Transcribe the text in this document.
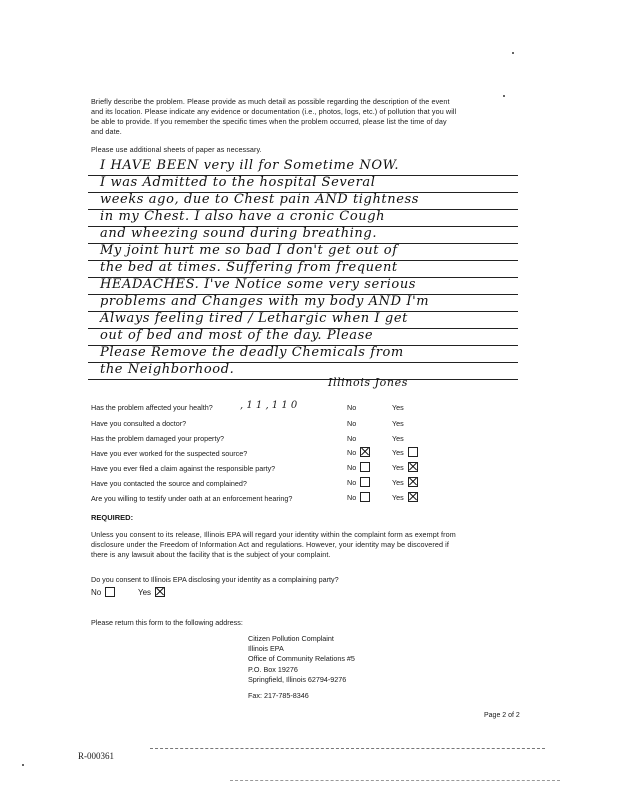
Briefly describe the problem. Please provide as much detail as possible regarding the description of the event
and its location. Please indicate any evidence or documentation (i.e., photos, logs, etc.) of pollution that you will
be able to provide. If you remember the specific times when the problem occurred, please list the time of day
and date.
Please use additional sheets of paper as necessary.
I HAVE BEEN very ill for Sometime NOW.
I was Admitted to the hospital Several
weeks ago, due to Chest pain AND tightness
in my Chest. I also have a cronic Cough
and wheezing sound during breathing.
My joint hurt me so bad I don't get out of
the bed at times. Suffering from frequent
HEADACHES. I've Notice some very serious
problems and Changes with my body AND I'm
Always feeling tired / Lethargic when I get
out of bed and most of the day. Please
Please Remove the deadly Chemicals from
the Neighborhood.
Illinois Jones
Has the problem affected your health?	, 1 1 , 1 1 0	No	Yes
Have you consulted a doctor?	No	Yes
Has the problem damaged your property?	No	Yes
Have you ever worked for the suspected source?	No	Yes
Have you ever filed a claim against the responsible party?	No	Yes
Have you contacted the source and complained?	No	Yes
Are you willing to testify under oath at an enforcement hearing?	No	Yes
REQUIRED:
Unless you consent to its release, Illinois EPA will regard your identity within the complaint form as exempt from
disclosure under the Freedom of Information Act and regulations. However, your identity may be discovered if
there is any lawsuit about the facility that is the subject of your complaint.
Do you consent to Illinois EPA disclosing your identity as a complaining party?
No	Yes
Please return this form to the following address:
Citizen Pollution Complaint
Illinois EPA
Office of Community Relations #5
P.O. Box 19276
Springfield, Illinois 62794-9276
Fax: 217-785-8346
Page 2 of 2
R-000361
